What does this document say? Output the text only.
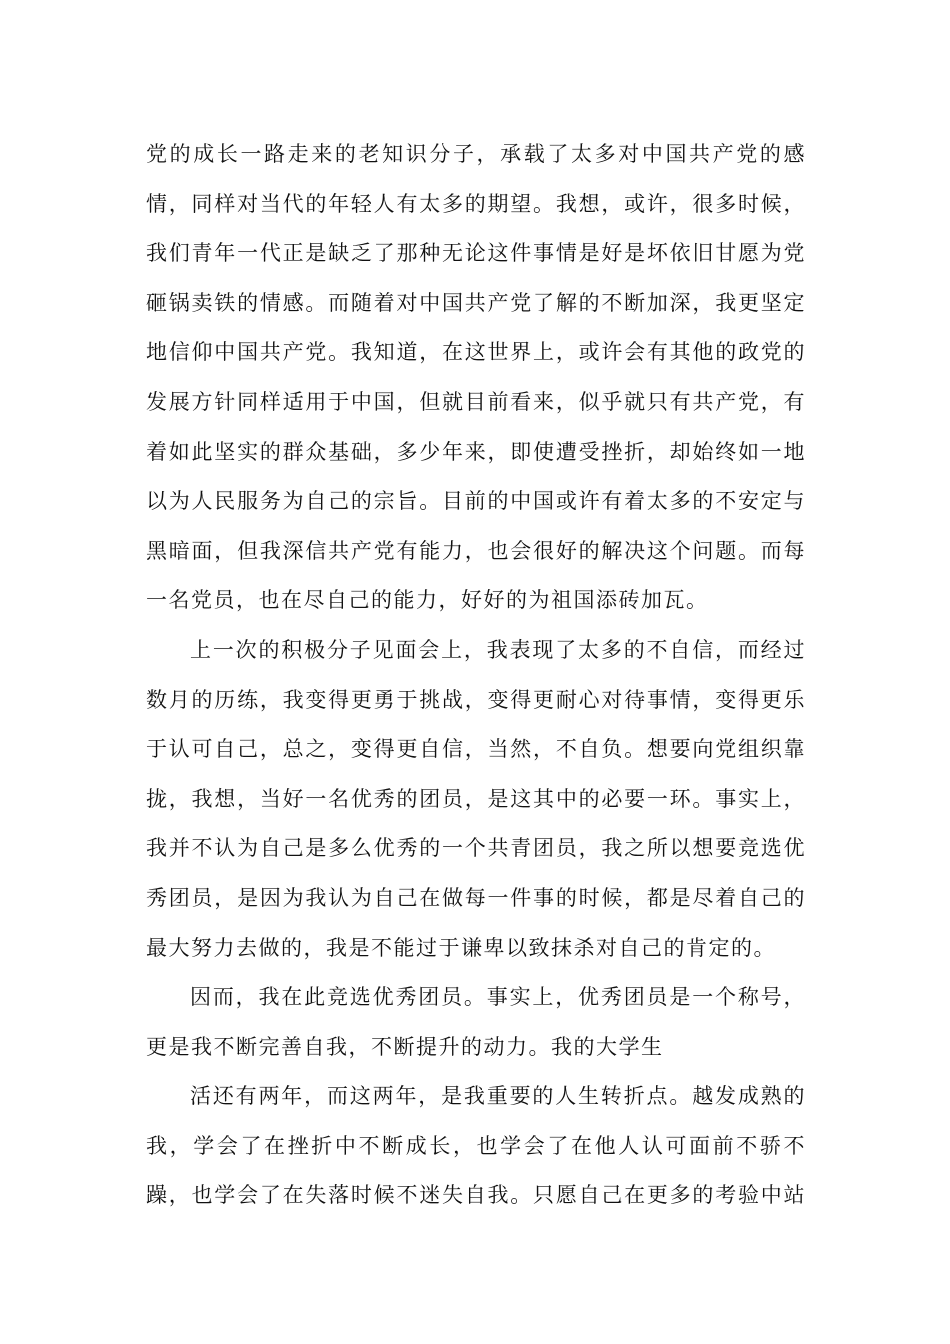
党的成长一路走来的老知识分子，承载了太多对中国共产党的感
情，同样对当代的年轻人有太多的期望。我想，或许，很多时候，
我们青年一代正是缺乏了那种无论这件事情是好是坏依旧甘愿为党
砸锅卖铁的情感。而随着对中国共产党了解的不断加深，我更坚定
地信仰中国共产党。我知道，在这世界上，或许会有其他的政党的
发展方针同样适用于中国，但就目前看来，似乎就只有共产党，有
着如此坚实的群众基础，多少年来，即使遭受挫折，却始终如一地
以为人民服务为自己的宗旨。目前的中国或许有着太多的不安定与
黑暗面，但我深信共产党有能力，也会很好的解决这个问题。而每
一名党员，也在尽自己的能力，好好的为祖国添砖加瓦。
上一次的积极分子见面会上，我表现了太多的不自信，而经过
数月的历练，我变得更勇于挑战，变得更耐心对待事情，变得更乐
于认可自己，总之，变得更自信，当然，不自负。想要向党组织靠
拢，我想，当好一名优秀的团员，是这其中的必要一环。事实上，
我并不认为自己是多么优秀的一个共青团员，我之所以想要竞选优
秀团员，是因为我认为自己在做每一件事的时候，都是尽着自己的
最大努力去做的，我是不能过于谦卑以致抹杀对自己的肯定的。
因而，我在此竞选优秀团员。事实上，优秀团员是一个称号，
更是我不断完善自我，不断提升的动力。我的大学生
活还有两年，而这两年，是我重要的人生转折点。越发成熟的
我，学会了在挫折中不断成长，也学会了在他人认可面前不骄不
躁，也学会了在失落时候不迷失自我。只愿自己在更多的考验中站
